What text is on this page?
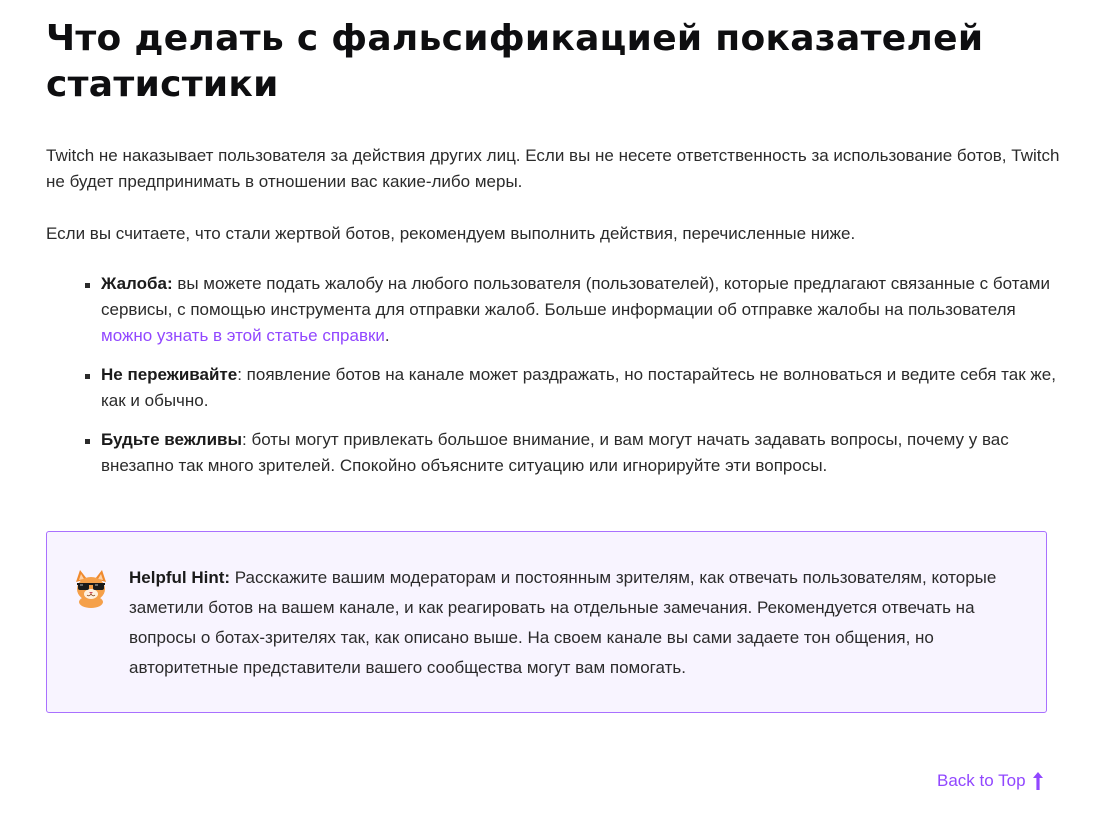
Что делать с фальсификацией показателей статистики

Twitch не наказывает пользователя за действия других лиц. Если вы не несете ответственность за использование ботов, Twitch не будет предпринимать в отношении вас какие-либо меры.

Если вы считаете, что стали жертвой ботов, рекомендуем выполнить действия, перечисленные ниже.

Жалоба: вы можете подать жалобу на любого пользователя (пользователей), которые предлагают связанные с ботами сервисы, с помощью инструмента для отправки жалоб. Больше информации об отправке жалобы на пользователя можно узнать в этой статье справки.
Не переживайте: появление ботов на канале может раздражать, но постарайтесь не волноваться и ведите себя так же, как и обычно.
Будьте вежливы: боты могут привлекать большое внимание, и вам могут начать задавать вопросы, почему у вас внезапно так много зрителей. Спокойно объясните ситуацию или игнорируйте эти вопросы.

Helpful Hint: Расскажите вашим модераторам и постоянным зрителям, как отвечать пользователям, которые заметили ботов на вашем канале, и как реагировать на отдельные замечания. Рекомендуется отвечать на вопросы о ботах-зрителях так, как описано выше. На своем канале вы сами задаете тон общения, но авторитетные представители вашего сообщества могут вам помогать.

Back to Top
